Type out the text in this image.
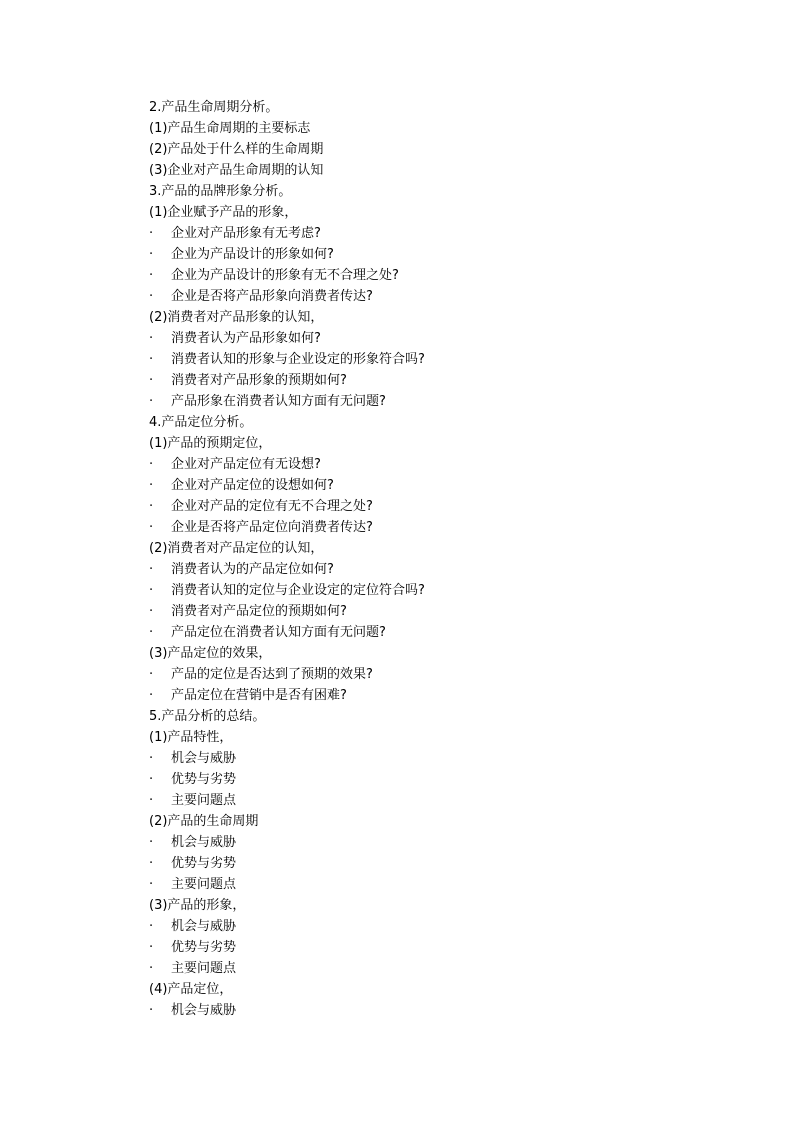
2.产品生命周期分析。
(1)产品生命周期的主要标志
(2)产品处于什么样的生命周期
(3)企业对产品生命周期的认知
3.产品的品牌形象分析。
(1)企业赋予产品的形象，
· 企业对产品形象有无考虑?
· 企业为产品设计的形象如何?
· 企业为产品设计的形象有无不合理之处?
· 企业是否将产品形象向消费者传达?
(2)消费者对产品形象的认知，
· 消费者认为产品形象如何?
· 消费者认知的形象与企业设定的形象符合吗?
· 消费者对产品形象的预期如何?
· 产品形象在消费者认知方面有无问题?
4.产品定位分析。
(1)产品的预期定位，
· 企业对产品定位有无设想?
· 企业对产品定位的设想如何?
· 企业对产品的定位有无不合理之处?
· 企业是否将产品定位向消费者传达?
(2)消费者对产品定位的认知，
· 消费者认为的产品定位如何?
· 消费者认知的定位与企业设定的定位符合吗?
· 消费者对产品定位的预期如何?
· 产品定位在消费者认知方面有无问题?
(3)产品定位的效果，
· 产品的定位是否达到了预期的效果?
· 产品定位在营销中是否有困难?
5.产品分析的总结。
(1)产品特性，
· 机会与威胁
· 优势与劣势
· 主要问题点
(2)产品的生命周期
· 机会与威胁
· 优势与劣势
· 主要问题点
(3)产品的形象，
· 机会与威胁
· 优势与劣势
· 主要问题点
(4)产品定位，
· 机会与威胁
